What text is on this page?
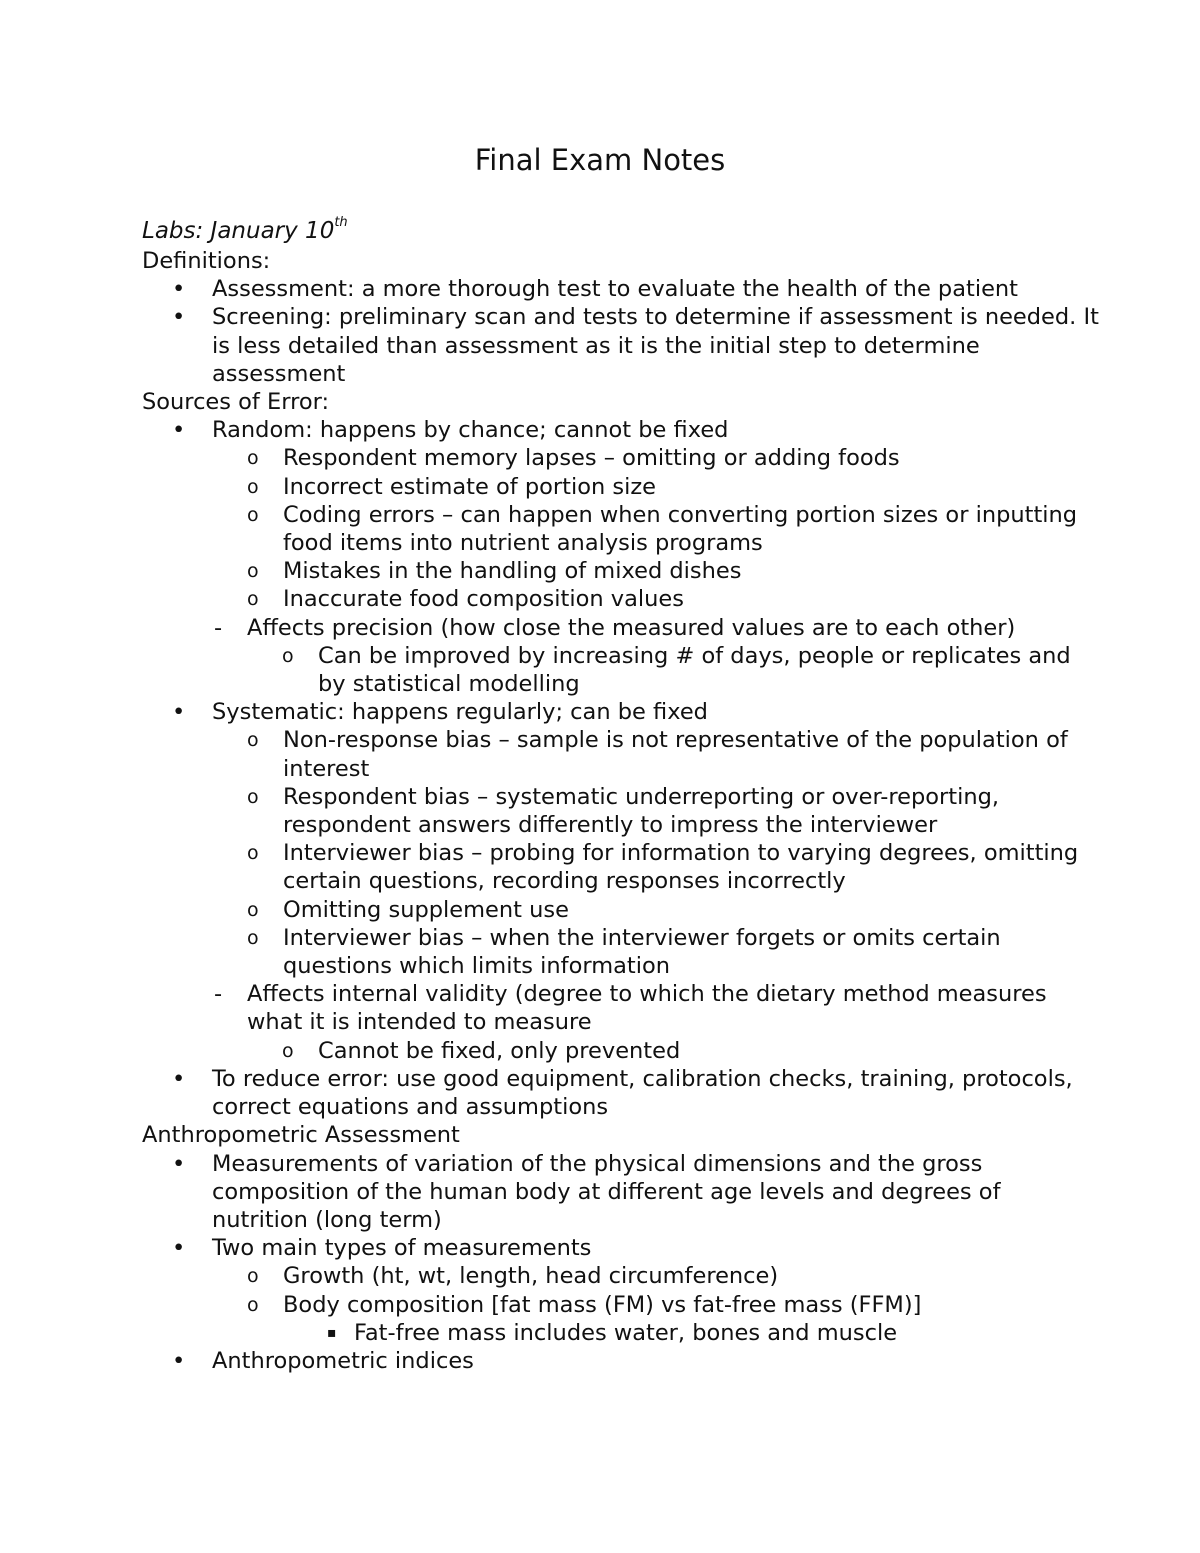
Final Exam Notes

Labs: January 10th

Definitions:

• Assessment: a more thorough test to evaluate the health of the patient
• Screening: preliminary scan and tests to determine if assessment is needed. It is less detailed than assessment as it is the initial step to determine assessment

Sources of Error:

• Random: happens by chance; cannot be fixed
o Respondent memory lapses – omitting or adding foods
o Incorrect estimate of portion size
o Coding errors – can happen when converting portion sizes or inputting food items into nutrient analysis programs
o Mistakes in the handling of mixed dishes
o Inaccurate food composition values
- Affects precision (how close the measured values are to each other)
o Can be improved by increasing # of days, people or replicates and by statistical modelling
• Systematic: happens regularly; can be fixed
o Non-response bias – sample is not representative of the population of interest
o Respondent bias – systematic underreporting or over-reporting, respondent answers differently to impress the interviewer
o Interviewer bias – probing for information to varying degrees, omitting certain questions, recording responses incorrectly
o Omitting supplement use
o Interviewer bias – when the interviewer forgets or omits certain questions which limits information
- Affects internal validity (degree to which the dietary method measures what it is intended to measure
o Cannot be fixed, only prevented
• To reduce error: use good equipment, calibration checks, training, protocols, correct equations and assumptions

Anthropometric Assessment

• Measurements of variation of the physical dimensions and the gross composition of the human body at different age levels and degrees of nutrition (long term)
• Two main types of measurements
o Growth (ht, wt, length, head circumference)
o Body composition [fat mass (FM) vs fat-free mass (FFM)]
▪ Fat-free mass includes water, bones and muscle
• Anthropometric indices
